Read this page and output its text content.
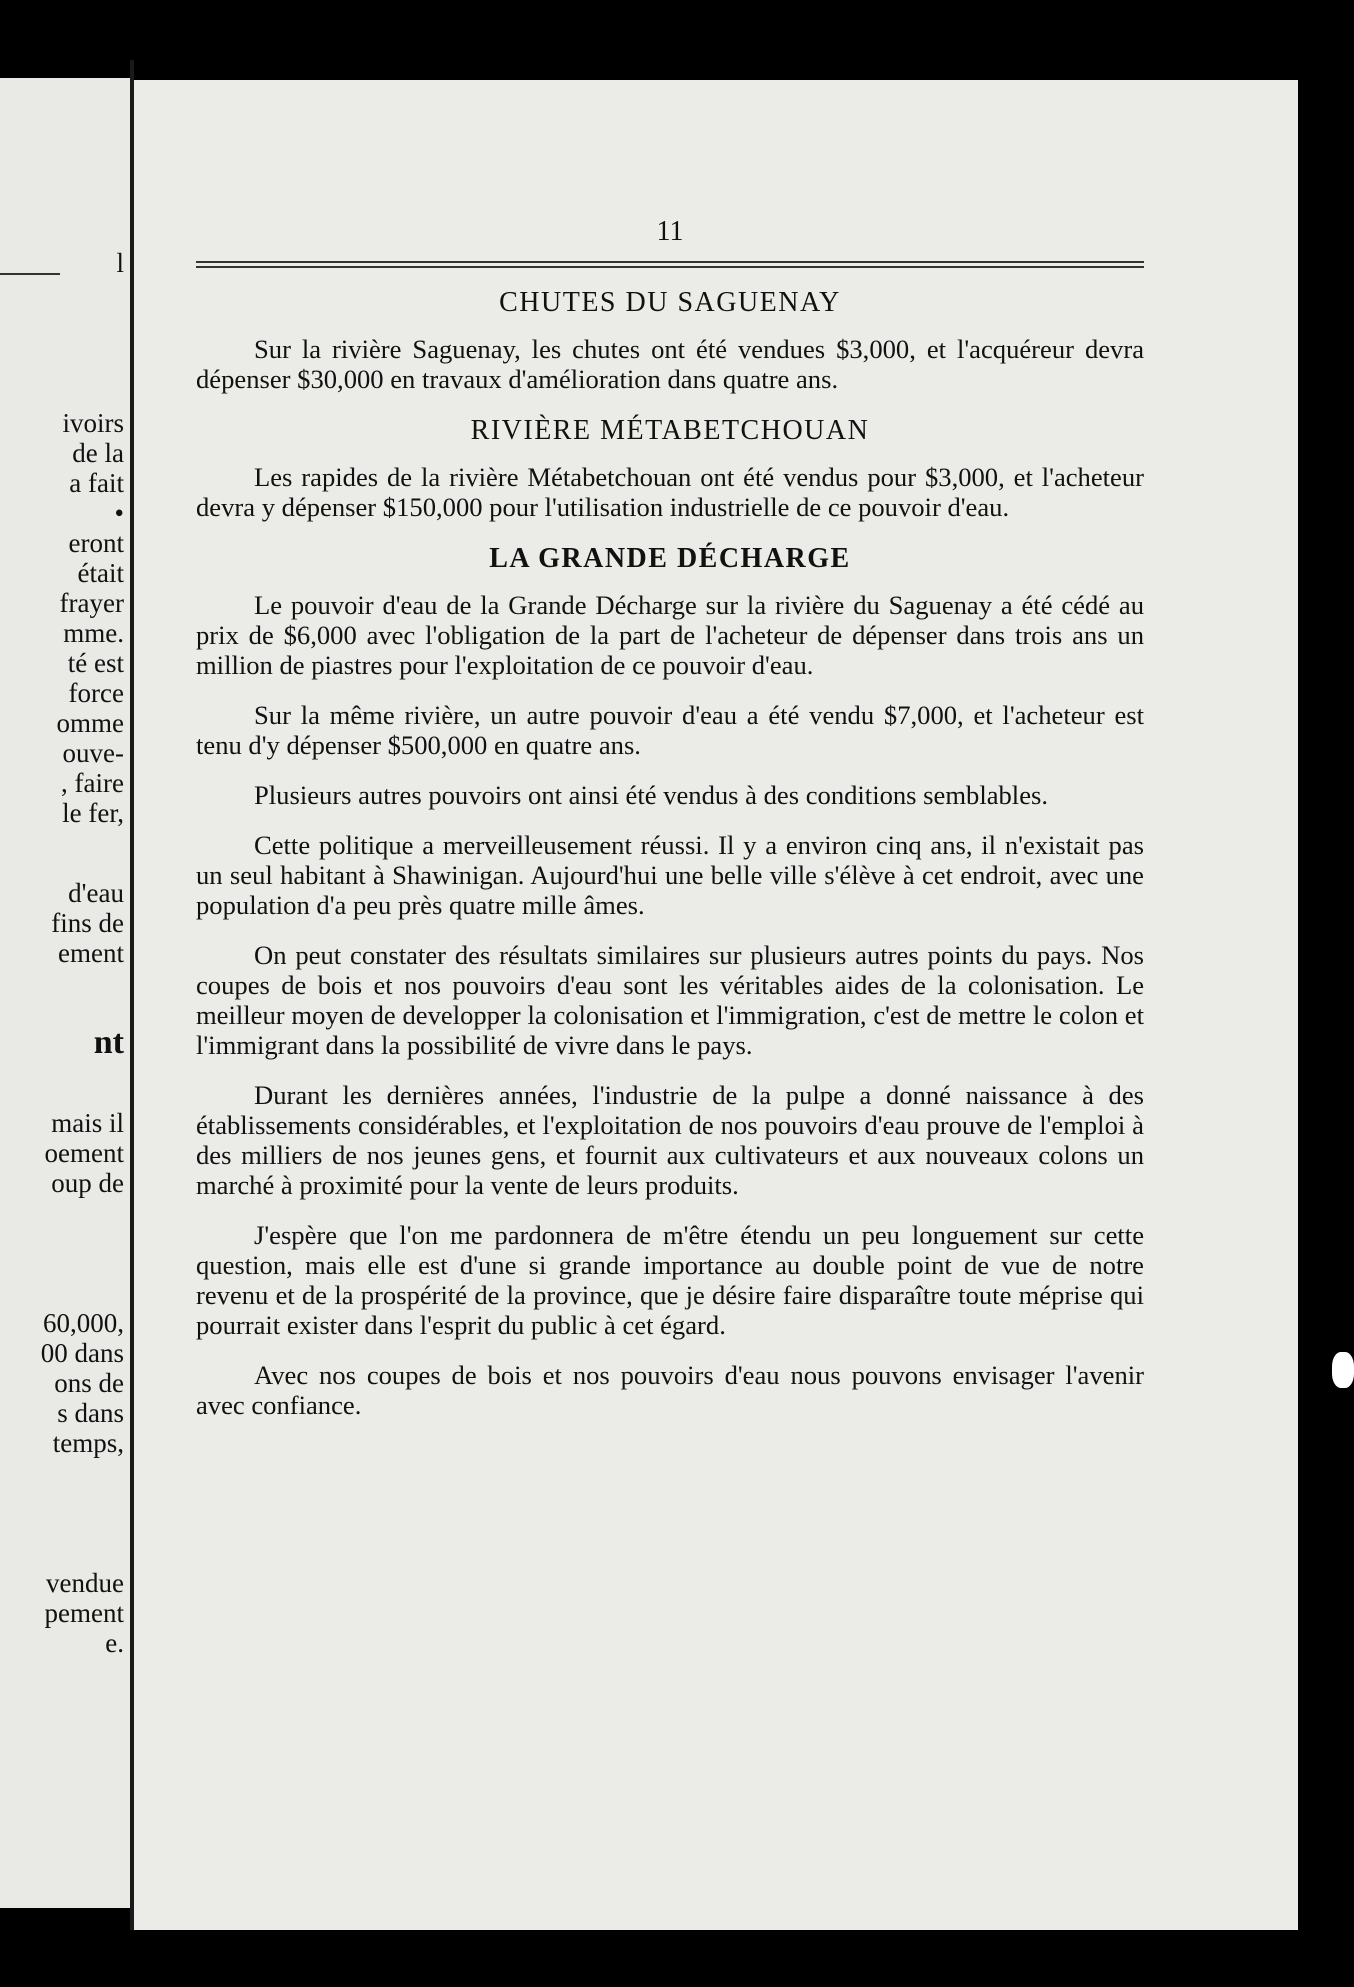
l
ivoirs
de la
a fait
•
eront
était
frayer
mme.
té est
force
omme
ouve-
, faire
le fer,
d'eau
fins de
ement
nt
mais il
oement
oup de
60,000,
00 dans
ons de
s dans
temps,
vendue
pement
e.
11
CHUTES DU SAGUENAY

Sur la rivière Saguenay, les chutes ont été vendues $3,000, et l'acquéreur devra dépenser $30,000 en travaux d'amélioration dans quatre ans.

RIVIÈRE MÉTABETCHOUAN

Les rapides de la rivière Métabetchouan ont été vendus pour $3,000, et l'acheteur devra y dépenser $150,000 pour l'utilisation industrielle de ce pouvoir d'eau.

LA GRANDE DÉCHARGE

Le pouvoir d'eau de la Grande Décharge sur la rivière du Saguenay a été cédé au prix de $6,000 avec l'obligation de la part de l'acheteur de dépenser dans trois ans un million de piastres pour l'exploitation de ce pouvoir d'eau.

Sur la même rivière, un autre pouvoir d'eau a été vendu $7,000, et l'acheteur est tenu d'y dépenser $500,000 en quatre ans.

Plusieurs autres pouvoirs ont ainsi été vendus à des conditions semblables.

Cette politique a merveilleusement réussi. Il y a environ cinq ans, il n'existait pas un seul habitant à Shawinigan. Aujourd'hui une belle ville s'élève à cet endroit, avec une population d'a peu près quatre mille âmes.

On peut constater des résultats similaires sur plusieurs autres points du pays. Nos coupes de bois et nos pouvoirs d'eau sont les véritables aides de la colonisation. Le meilleur moyen de developper la colonisation et l'immigration, c'est de mettre le colon et l'immigrant dans la possibilité de vivre dans le pays.

Durant les dernières années, l'industrie de la pulpe a donné naissance à des établissements considérables, et l'exploitation de nos pouvoirs d'eau prouve de l'emploi à des milliers de nos jeunes gens, et fournit aux cultivateurs et aux nouveaux colons un marché à proximité pour la vente de leurs produits.

J'espère que l'on me pardonnera de m'être étendu un peu longuement sur cette question, mais elle est d'une si grande importance au double point de vue de notre revenu et de la prospérité de la province, que je désire faire disparaître toute méprise qui pourrait exister dans l'esprit du public à cet égard.

Avec nos coupes de bois et nos pouvoirs d'eau nous pouvons envisager l'avenir avec confiance.
